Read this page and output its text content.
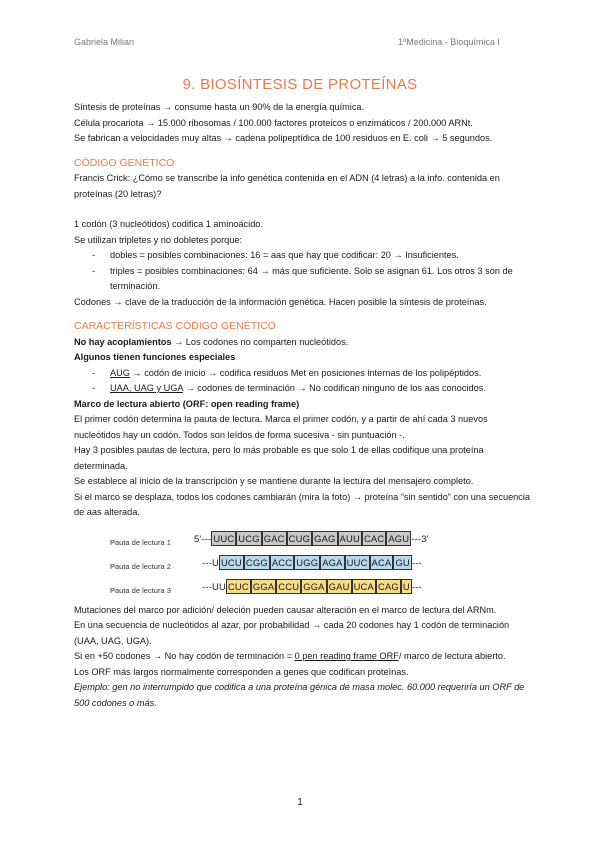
Gabriela Milian	1ºMedicina - Bioquímica I
9. BIOSÍNTESIS DE PROTEÍNAS

Síntesis de proteínas → consume hasta un 90% de la energía química.

Célula procariota → 15.000 ribosomas / 100.000 factores proteicos o enzimáticos / 200.000 ARNt.

Se fabrican a velocidades muy altas → cadena polipeptídica de 100 residuos en E. coli → 5 segundos.

CÓDIGO GENÉTICO

Francis Crick: ¿Cómo se transcribe la info genética contenida en el ADN (4 letras) a la info. contenida en proteínas (20 letras)?

1 codón (3 nucleótidos) codifica 1 aminoácido.

Se utilizan tripletes y no dobletes porque:

- dobles = posibles combinaciones: 16 = aas que hay que codificar: 20 → Insuficientes.

- triples = posibles combinaciones: 64 → más que suficiente. Solo se asignan 61. Los otros 3 son de terminación.

Codones → clave de la traducción de la información genética. Hacen posible la síntesis de proteínas.

CARACTERÍSTICAS CÓDIGO GENÉTICO

No hay acoplamientos → Los codones no comparten nucleótidos.

Algunos tienen funciones especiales

- AUG → codón de inicio → codifica residuos Met en posiciones internas de los polipéptidos.

- UAA, UAG y UGA → codones de terminación → No codifican ninguno de los aas conocidos.

Marco de lectura abierto (ORF: open reading frame)

El primer codón determina la pauta de lectura. Marca el primer codón, y a partir de ahí cada 3 nuevos nucleótidos hay un codón. Todos son leídos de forma sucesiva - sin puntuación -.

Hay 3 posibles pautas de lectura, pero lo más probable es que solo 1 de ellas codifique una proteína determinada.

Se establece al inicio de la transcripción y se mantiene durante la lectura del mensajero completo.

Si el marco se desplaza, todos los codones cambiarán (mira la foto) → proteína “sin sentido” con una secuencia de aas alterada.

Pauta de lectura 1	5'--- UUC UCG GAC CUG GAG AUU CAC AGU ---3'
Pauta de lectura 2	---U UCU CGG ACC UGG AGA UUC ACA GU ---
Pauta de lectura 3	---UU CUC GGA CCU GGA GAU UCA CAG U ---

Mutaciones del marco por adición/ deleción pueden causar alteración en el marco de lectura del ARNm.

En una secuencia de nucleótidos al azar, por probabilidad → cada 20 codones hay 1 codón de terminación (UAA, UAG, UGA).

Si en +50 codones → No hay codón de terminación = 0 pen reading frame ORF/ marco de lectura abierto.

Los ORF más largos normalmente corresponden a genes que codifican proteínas.

Ejemplo: gen no interrumpido que codifica a una proteína génica de masa molec. 60.000 requeriría un ORF de 500 codones o más.

1
